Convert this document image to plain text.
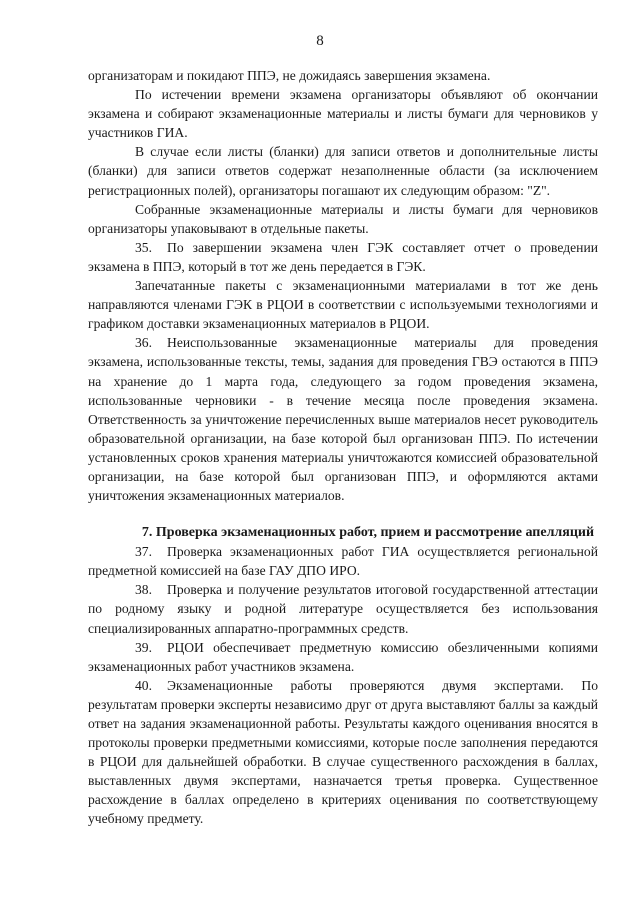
8

организаторам и покидают ППЭ, не дожидаясь завершения экзамена.

По истечении времени экзамена организаторы объявляют об окончании экзамена и собирают экзаменационные материалы и листы бумаги для черновиков у участников ГИА.

В случае если листы (бланки) для записи ответов и дополнительные листы (бланки) для записи ответов содержат незаполненные области (за исключением регистрационных полей), организаторы погашают их следующим образом: "Z".

Собранные экзаменационные материалы и листы бумаги для черновиков организаторы упаковывают в отдельные пакеты.

35. По завершении экзамена член ГЭК составляет отчет о проведении экзамена в ППЭ, который в тот же день передается в ГЭК.

Запечатанные пакеты с экзаменационными материалами в тот же день направляются членами ГЭК в РЦОИ в соответствии с используемыми технологиями и графиком доставки экзаменационных материалов в РЦОИ.

36. Неиспользованные экзаменационные материалы для проведения экзамена, использованные тексты, темы, задания для проведения ГВЭ остаются в ППЭ на хранение до 1 марта года, следующего за годом проведения экзамена, использованные черновики - в течение месяца после проведения экзамена. Ответственность за уничтожение перечисленных выше материалов несет руководитель образовательной организации, на базе которой был организован ППЭ. По истечении установленных сроков хранения материалы уничтожаются комиссией образовательной организации, на базе которой был организован ППЭ, и оформляются актами уничтожения экзаменационных материалов.

7. Проверка экзаменационных работ, прием и рассмотрение апелляций

37. Проверка экзаменационных работ ГИА осуществляется региональной предметной комиссией на базе ГАУ ДПО ИРО.

38. Проверка и получение результатов итоговой государственной аттестации по родному языку и родной литературе осуществляется без использования специализированных аппаратно-программных средств.

39. РЦОИ обеспечивает предметную комиссию обезличенными копиями экзаменационных работ участников экзамена.

40. Экзаменационные работы проверяются двумя экспертами. По результатам проверки эксперты независимо друг от друга выставляют баллы за каждый ответ на задания экзаменационной работы. Результаты каждого оценивания вносятся в протоколы проверки предметными комиссиями, которые после заполнения передаются в РЦОИ для дальнейшей обработки. В случае существенного расхождения в баллах, выставленных двумя экспертами, назначается третья проверка. Существенное расхождение в баллах определено в критериях оценивания по соответствующему учебному предмету.
